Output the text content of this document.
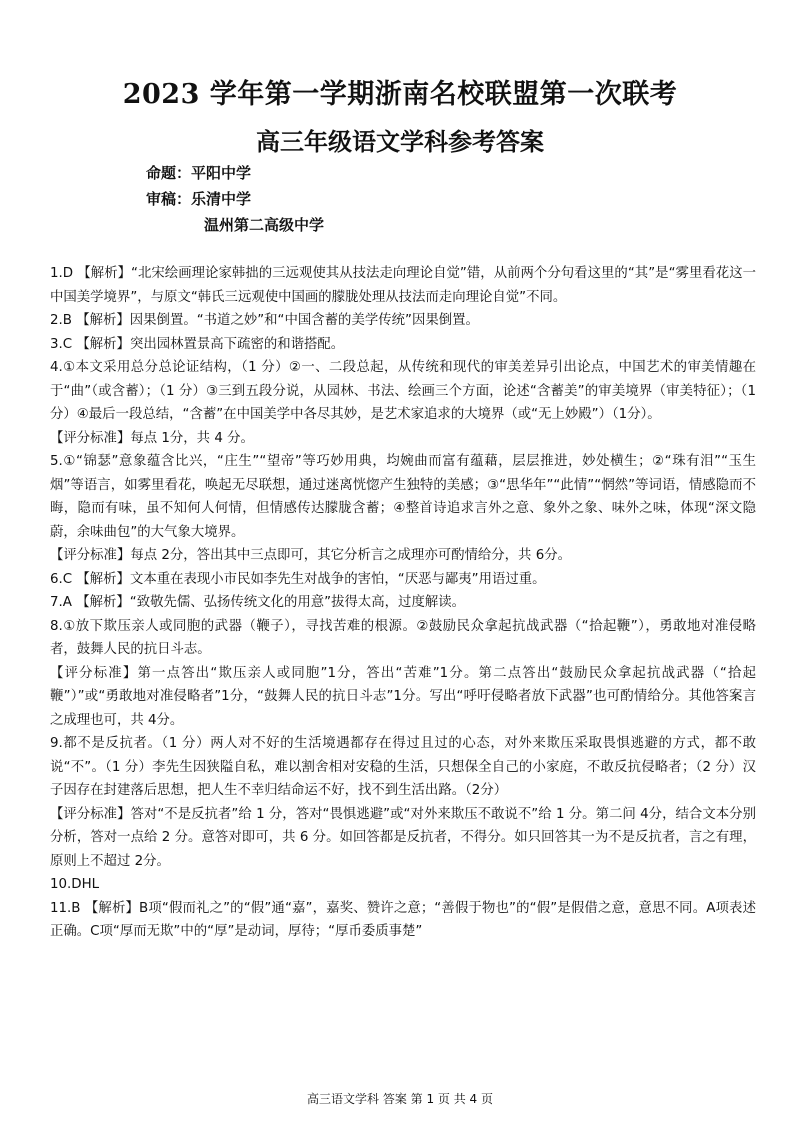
2023 学年第一学期浙南名校联盟第一次联考
高三年级语文学科参考答案
命题：平阳中学
审稿：乐清中学
温州第二高级中学

1.D 【解析】“北宋绘画理论家韩拙的三远观使其从技法走向理论自觉”错，从前两个分句看这里的“其”是“雾里看花这一中国美学境界”，与原文“韩氏三远观使中国画的朦胧处理从技法而走向理论自觉”不同。

2.B 【解析】因果倒置。“书道之妙”和“中国含蓄的美学传统”因果倒置。

3.C 【解析】突出园林置景高下疏密的和谐搭配。

4.①本文采用总分总论证结构，（1 分）②一、二段总起，从传统和现代的审美差异引出论点，中国艺术的审美情趣在于“曲”（或含蓄）；（1 分）③三到五段分说，从园林、书法、绘画三个方面，论述“含蓄美”的审美境界（审美特征）；（1 分）④最后一段总结，“含蓄”在中国美学中各尽其妙，是艺术家追求的大境界（或“无上妙殿”）（1分）。

【评分标准】每点 1分，共 4 分。

5.①“锦瑟”意象蕴含比兴，“庄生”“望帝”等巧妙用典，均婉曲而富有蕴藉，层层推进，妙处横生；②“珠有泪”“玉生烟”等语言，如雾里看花，唤起无尽联想，通过迷离恍惚产生独特的美感；③“思华年”“此情”“惘然”等词语，情感隐而不晦，隐而有味，虽不知何人何情，但情感传达朦胧含蓄；④整首诗追求言外之意、象外之象、味外之味，体现“深文隐蔚，余味曲包”的大气象大境界。

【评分标准】每点 2分，答出其中三点即可，其它分析言之成理亦可酌情给分，共 6分。

6.C 【解析】文本重在表现小市民如李先生对战争的害怕，“厌恶与鄙夷”用语过重。

7.A 【解析】“致敬先儒、弘扬传统文化的用意”拔得太高，过度解读。

8.①放下欺压亲人或同胞的武器（鞭子），寻找苦难的根源。②鼓励民众拿起抗战武器（“拾起鞭”），勇敢地对准侵略者，鼓舞人民的抗日斗志。

【评分标准】第一点答出“欺压亲人或同胞”1分，答出“苦难”1分。第二点答出“鼓励民众拿起抗战武器（“拾起鞭”）”或“勇敢地对准侵略者”1分，“鼓舞人民的抗日斗志”1分。写出“呼吁侵略者放下武器”也可酌情给分。其他答案言之成理也可，共 4分。

9.都不是反抗者。（1 分）两人对不好的生活境遇都存在得过且过的心态，对外来欺压采取畏惧逃避的方式，都不敢说“不”。（1 分）李先生因狭隘自私，难以割舍相对安稳的生活，只想保全自己的小家庭，不敢反抗侵略者；（2 分）汉子因存在封建落后思想，把人生不幸归结命运不好，找不到生活出路。（2分）

【评分标准】答对“不是反抗者”给 1 分，答对“畏惧逃避”或“对外来欺压不敢说不”给 1 分。第二问 4分，结合文本分别分析，答对一点给 2 分。意答对即可，共 6 分。如回答都是反抗者，不得分。如只回答其一为不是反抗者，言之有理，原则上不超过 2分。

10.DHL

11.B 【解析】B项“假而礼之”的“假”通“嘉”，嘉奖、赞许之意；“善假于物也”的“假”是假借之意，意思不同。A项表述正确。C项“厚而无欺”中的“厚”是动词，厚待；“厚币委质事楚”

高三语文学科 答案 第 1 页 共 4 页
